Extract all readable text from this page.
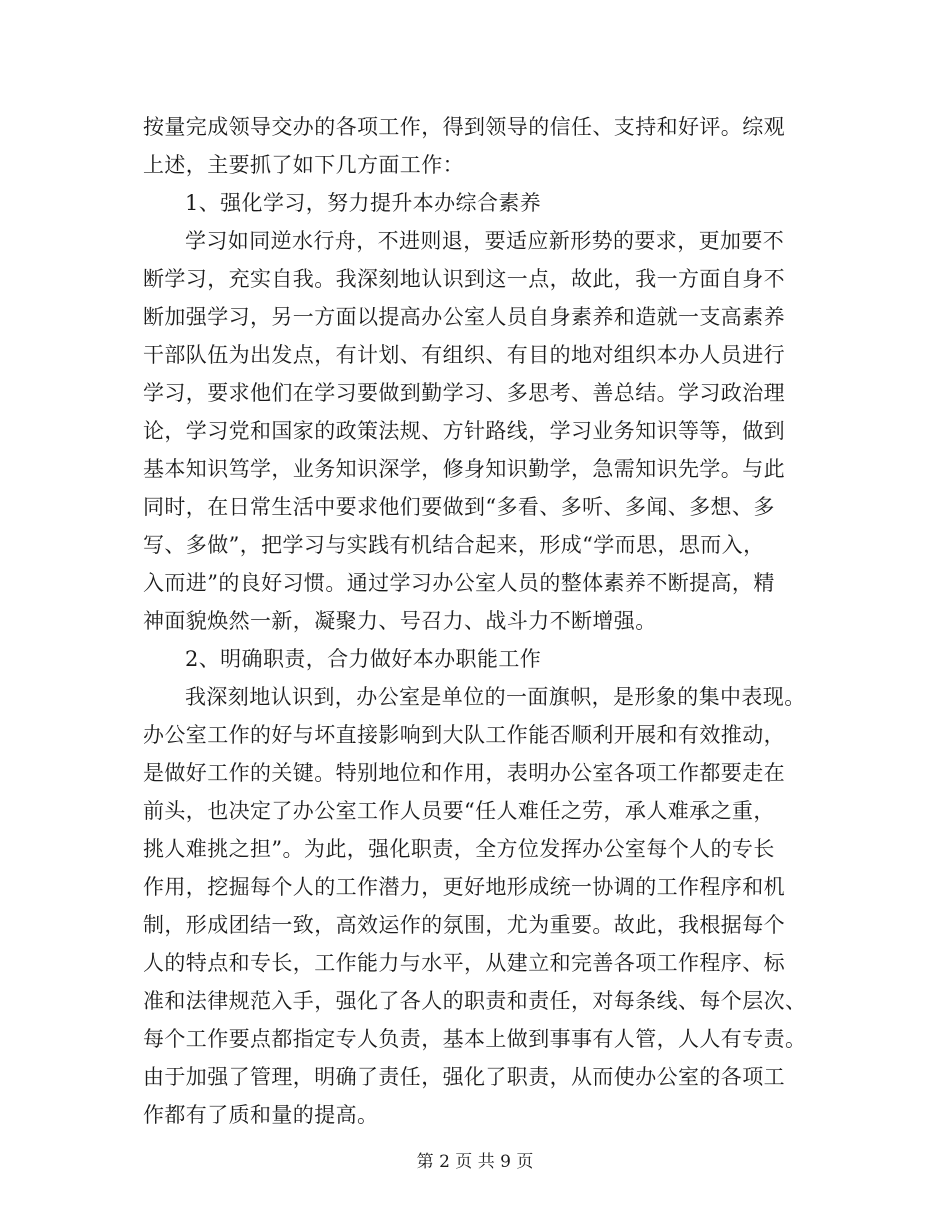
按量完成领导交办的各项工作，得到领导的信任、支持和好评。综观
上述，主要抓了如下几方面工作：
1、强化学习，努力提升本办综合素养
学习如同逆水行舟，不进则退，要适应新形势的要求，更加要不
断学习，充实自我。我深刻地认识到这一点，故此，我一方面自身不
断加强学习，另一方面以提高办公室人员自身素养和造就一支高素养
干部队伍为出发点，有计划、有组织、有目的地对组织本办人员进行
学习，要求他们在学习要做到勤学习、多思考、善总结。学习政治理
论，学习党和国家的政策法规、方针路线，学习业务知识等等，做到
基本知识笃学，业务知识深学，修身知识勤学，急需知识先学。与此
同时，在日常生活中要求他们要做到“多看、多听、多闻、多想、多
写、多做”，把学习与实践有机结合起来，形成“学而思，思而入，
入而进”的良好习惯。通过学习办公室人员的整体素养不断提高，精
神面貌焕然一新，凝聚力、号召力、战斗力不断增强。
2、明确职责，合力做好本办职能工作
我深刻地认识到，办公室是单位的一面旗帜，是形象的集中表现。
办公室工作的好与坏直接影响到大队工作能否顺利开展和有效推动，
是做好工作的关键。特别地位和作用，表明办公室各项工作都要走在
前头，也决定了办公室工作人员要“任人难任之劳，承人难承之重，
挑人难挑之担”。为此，强化职责，全方位发挥办公室每个人的专长
作用，挖掘每个人的工作潜力，更好地形成统一协调的工作程序和机
制，形成团结一致，高效运作的氛围，尤为重要。故此，我根据每个
人的特点和专长，工作能力与水平，从建立和完善各项工作程序、标
准和法律规范入手，强化了各人的职责和责任，对每条线、每个层次、
每个工作要点都指定专人负责，基本上做到事事有人管，人人有专责。
由于加强了管理，明确了责任，强化了职责，从而使办公室的各项工
作都有了质和量的提高。
第 2 页 共 9 页
